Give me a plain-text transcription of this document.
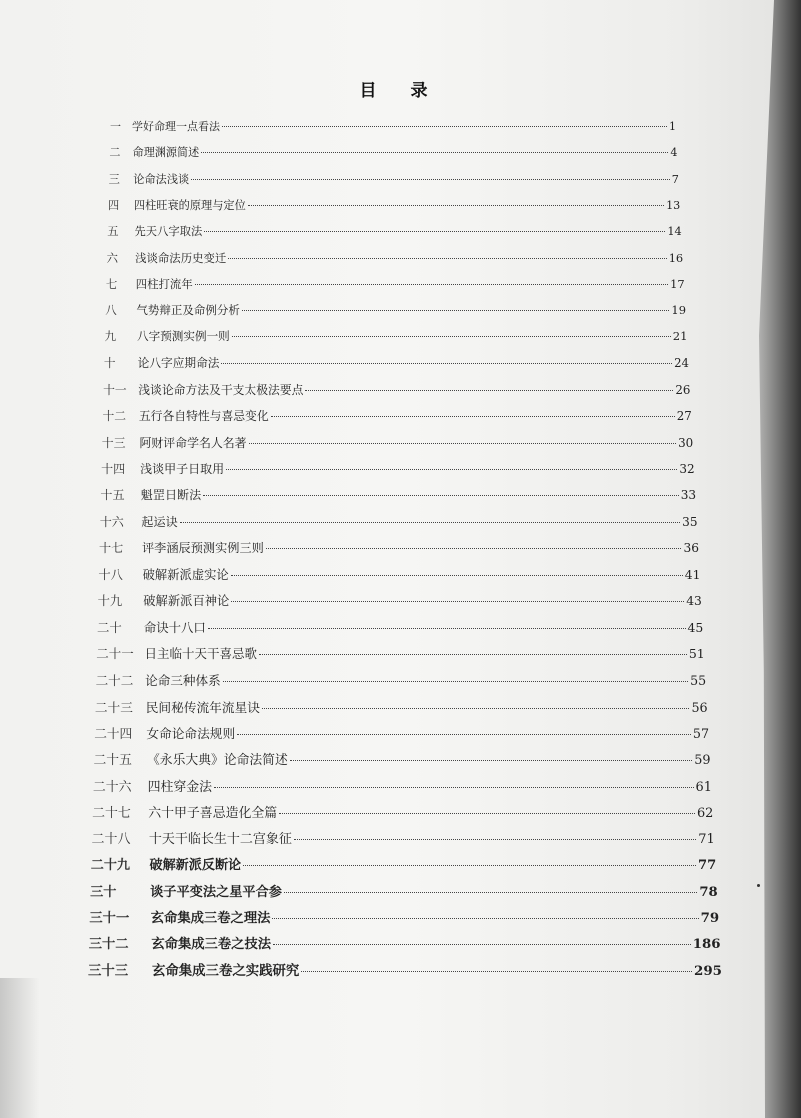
目 录
一	学好命理一点看法	1
二	命理渊源简述	4
三	论命法浅谈	7
四	四柱旺衰的原理与定位	13
五	先天八字取法	14
六	浅谈命法历史变迁	16
七	四柱打流年	17
八	气势辩正及命例分析	19
九	八字预测实例一则	21
十	论八字应期命法	24
十一 浅谈论命方法及干支太极法要点	26
十二	五行各自特性与喜忌变化	27
十三	阿财评命学名人名著	30
十四	浅谈甲子日取用	32
十五	魁罡日断法	33
十六	起运诀	35
十七	评李涵辰预测实例三则	36
十八	破解新派虚实论	41
十九	破解新派百神论	43
二十	命诀十八口	45
二十一 日主临十天干喜忌歌	51
二十二 论命三种体系	55
二十三	民间秘传流年流星诀	56
二十四	女命论命法规则	57
二十五	《永乐大典》论命法简述	59
二十六	四柱穿金法	61
二十七	六十甲子喜忌造化全篇	62
二十八	十天干临长生十二宫象征	71
二十九	破解新派反断论	77
三十	谈子平变法之星平合参	78
三十一	玄命集成三卷之理法	79
三十二	玄命集成三卷之技法	186
三十三	玄命集成三卷之实践研究	295
